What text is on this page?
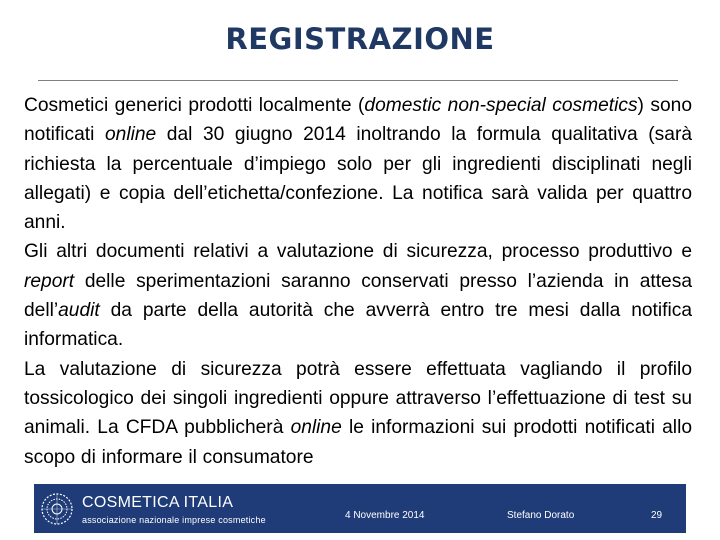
REGISTRAZIONE

Cosmetici generici prodotti localmente (domestic non-special cosmetics) sono notificati online dal 30 giugno 2014 inoltrando la formula qualitativa (sarà richiesta la percentuale d’impiego solo per gli ingredienti disciplinati negli allegati) e copia dell’etichetta/confezione. La notifica sarà valida per quattro anni.

Gli altri documenti relativi a valutazione di sicurezza, processo produttivo e report delle sperimentazioni saranno conservati presso l’azienda in attesa dell’audit da parte della autorità che avverrà entro tre mesi dalla notifica informatica.

La valutazione di sicurezza potrà essere effettuata vagliando il profilo tossicologico dei singoli ingredienti oppure attraverso l’effettuazione di test su animali. La CFDA pubblicherà online le informazioni sui prodotti notificati allo scopo di informare il consumatore

COSMETICA ITALIA
associazione nazionale imprese cosmetiche	4 Novembre 2014	Stefano Dorato	29
